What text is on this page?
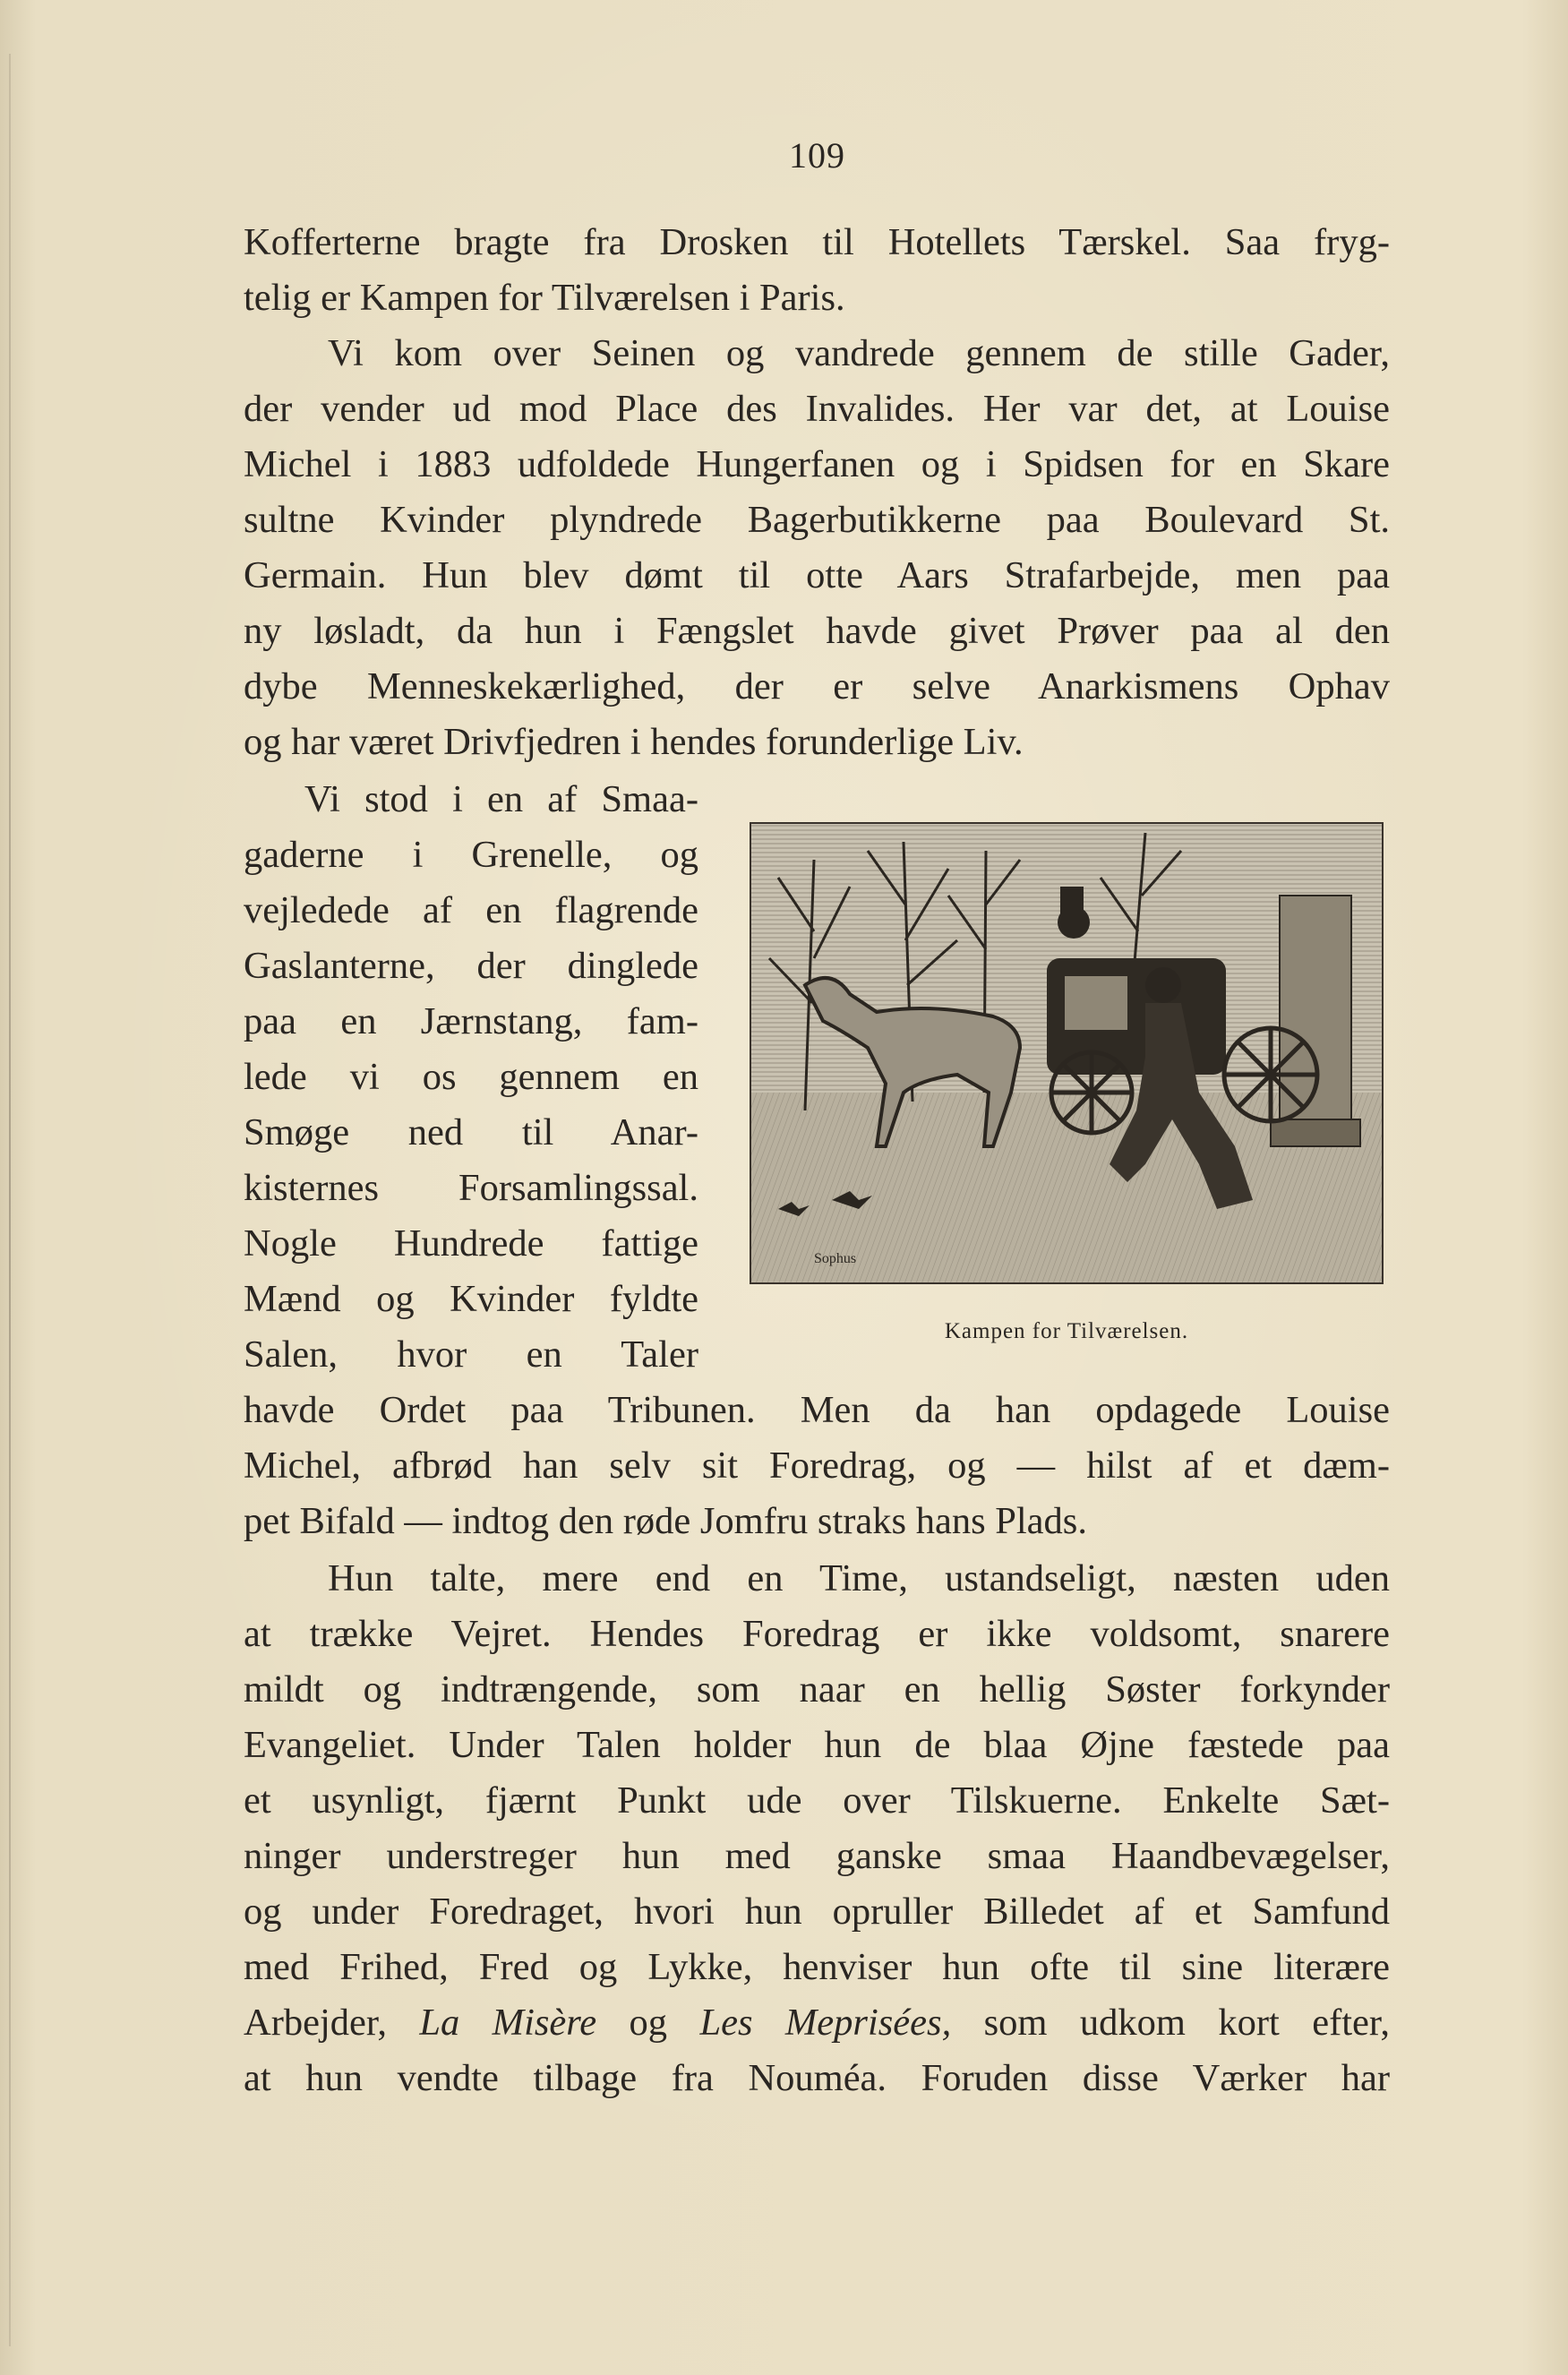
109
Kofferterne bragte fra Drosken til Hotellets Tærskel. Saa fryg-
telig er Kampen for Tilværelsen i Paris.
Vi kom over Seinen og vandrede gennem de stille Gader,
der vender ud mod Place des Invalides. Her var det, at Louise
Michel i 1883 udfoldede Hungerfanen og i Spidsen for en Skare
sultne Kvinder plyndrede Bagerbutikkerne paa Boulevard St.
Germain. Hun blev dømt til otte Aars Strafarbejde, men paa
ny løsladt, da hun i Fængslet havde givet Prøver paa al den
dybe Menneskekærlighed, der er selve Anarkismens Ophav
og har været Drivfjedren i hendes forunderlige Liv.
Vi stod i en af Smaa-
gaderne i Grenelle, og
vejledede af en flagrende
Gaslanterne, der dinglede
paa en Jærnstang, fam-
lede vi os gennem en
Smøge ned til Anar-
kisternes Forsamlingssal.
Nogle Hundrede fattige
Mænd og Kvinder fyldte
Salen, hvor en Taler
Sophus
Kampen for Tilværelsen.
havde Ordet paa Tribunen. Men da han opdagede Louise
Michel, afbrød han selv sit Foredrag, og — hilst af et dæm-
pet Bifald — indtog den røde Jomfru straks hans Plads.
Hun talte, mere end en Time, ustandseligt, næsten uden
at trække Vejret. Hendes Foredrag er ikke voldsomt, snarere
mildt og indtrængende, som naar en hellig Søster forkynder
Evangeliet. Under Talen holder hun de blaa Øjne fæstede paa
et usynligt, fjærnt Punkt ude over Tilskuerne. Enkelte Sæt-
ninger understreger hun med ganske smaa Haandbevægelser,
og under Foredraget, hvori hun opruller Billedet af et Samfund
med Frihed, Fred og Lykke, henviser hun ofte til sine literære
Arbejder, La Misère og Les Meprisées, som udkom kort efter,
at hun vendte tilbage fra Nouméa. Foruden disse Værker har
